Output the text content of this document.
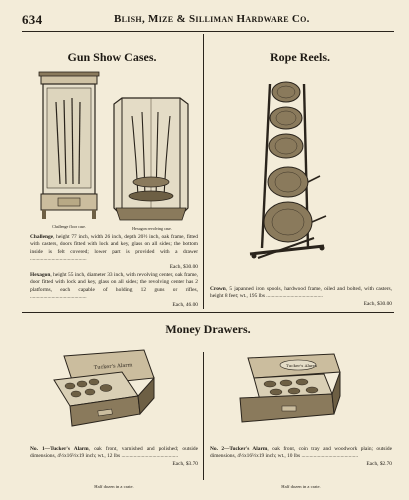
634	Blish, Mize & Silliman Hardware Co.
Gun Show Cases.
Challenge floor case.	Hexagon revolving case.
Challenge, height 77 inch, width 26 inch, depth 20½ inch, oak frame, fitted with casters, doors fitted with lock and key, glass on all sides; the bottom inside is felt covered; lower part is provided with a drawer ..........................................
Each, $30.00
Hexagon, height 55 inch, diameter 33 inch, with revolving center, oak frame, door fitted with lock and key, glass on all sides; the revolving center has 2 platforms, each capable of holding 12 guns or rifles, ..........................................
Each, 46.00
Rope Reels.
Crown, 5 japanned iron spools, hardwood frame, oiled and bolted, with casters, height 8 feet; wt., 195 lbs ..........................................
Each, $30.00
Money Drawers.
Tucker's Alarm	Tucker's Alarm
No. 1—Tucker's Alarm, oak front, varnished and polished; outside dimensions, 4½x16½x19 inch; wt., 12 lbs ..........................................
Each, $3.70
Half dozen in a crate.
No. 2—Tucker's Alarm, oak front, coin tray and woodwork plain; outside dimensions, 4½x16½x19 inch; wt., 10 lbs ..........................................
Each, $2.70
Half dozen in a crate.
